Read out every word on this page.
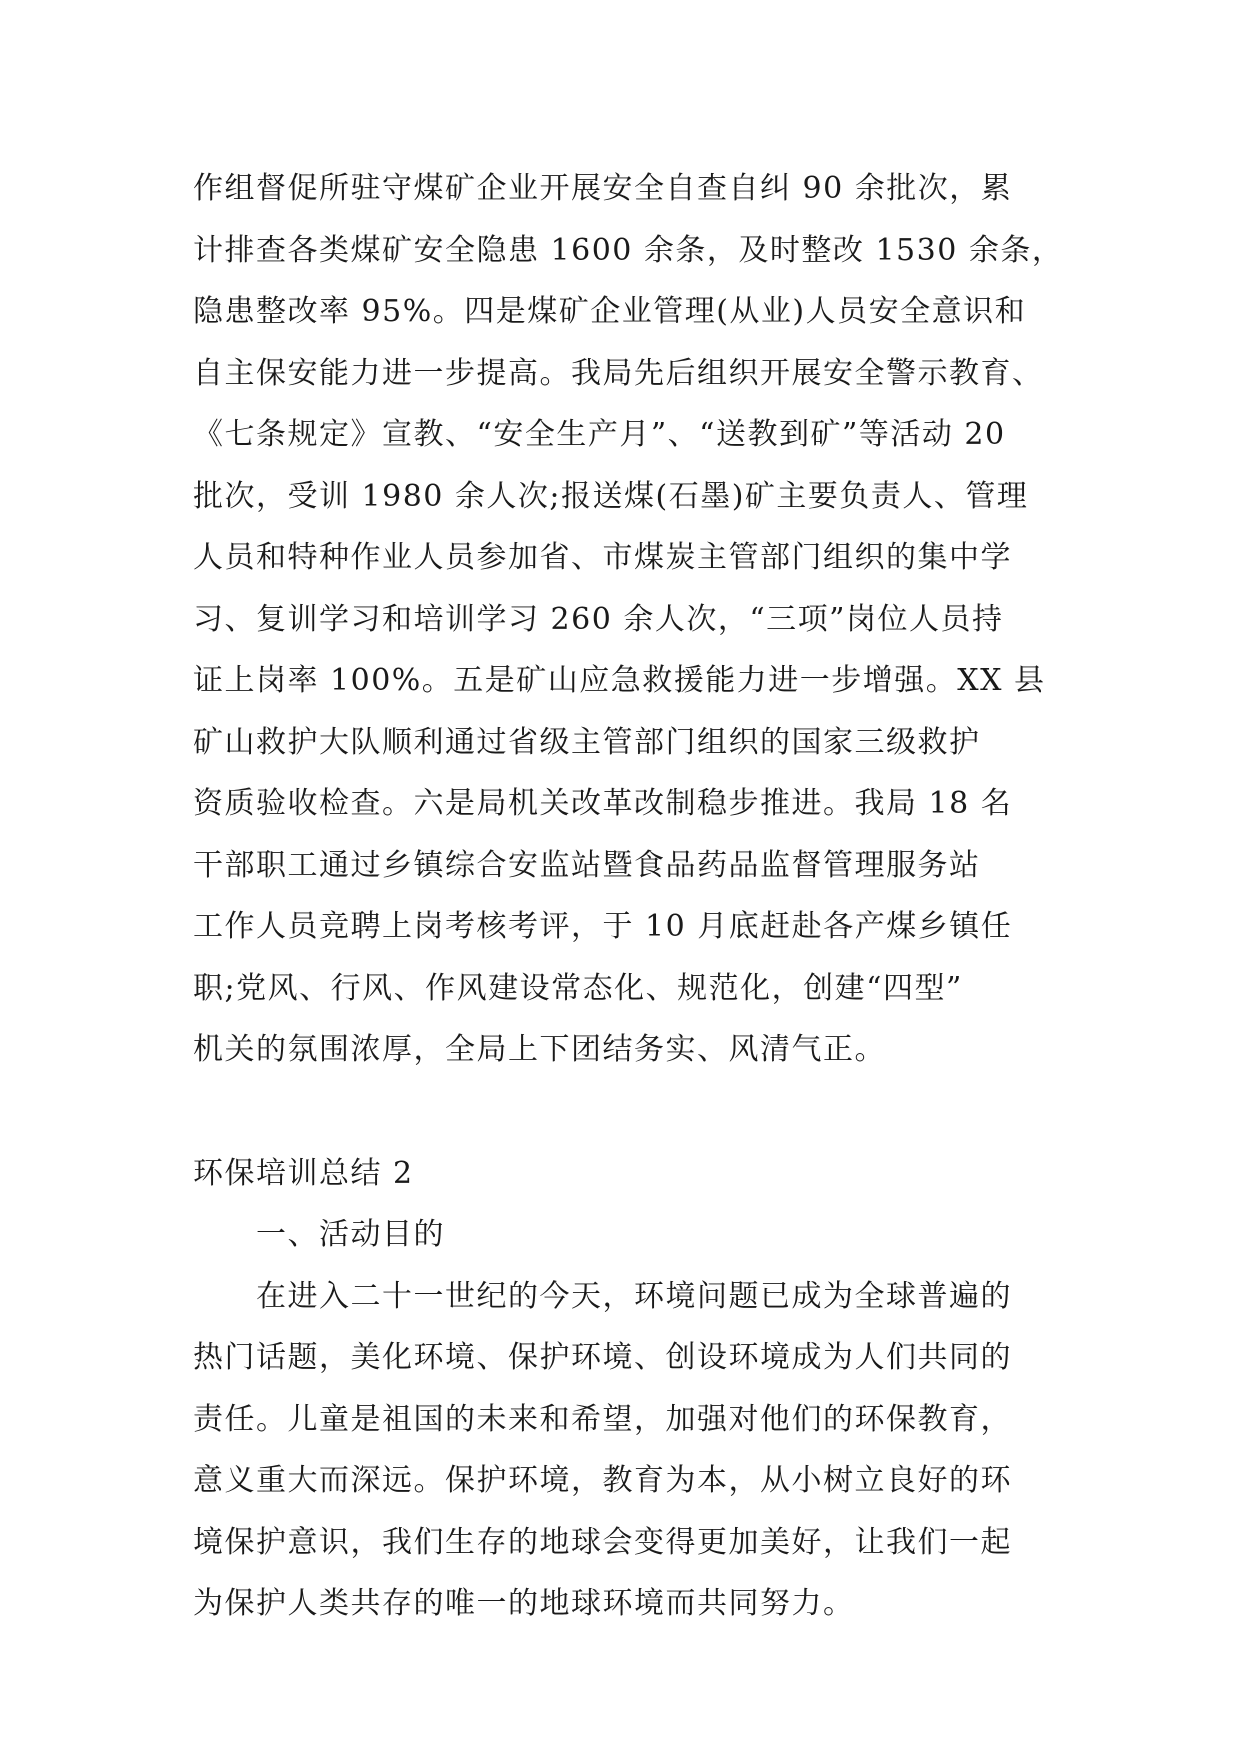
作组督促所驻守煤矿企业开展安全自查自纠 90 余批次，累
计排查各类煤矿安全隐患 1600 余条，及时整改 1530 余条，
隐患整改率 95%。四是煤矿企业管理(从业)人员安全意识和
自主保安能力进一步提高。我局先后组织开展安全警示教育、
《七条规定》宣教、“安全生产月”、“送教到矿”等活动 20
批次，受训 1980 余人次;报送煤(石墨)矿主要负责人、管理
人员和特种作业人员参加省、市煤炭主管部门组织的集中学
习、复训学习和培训学习 260 余人次，“三项”岗位人员持
证上岗率 100%。五是矿山应急救援能力进一步增强。XX 县
矿山救护大队顺利通过省级主管部门组织的国家三级救护
资质验收检查。六是局机关改革改制稳步推进。我局 18 名
干部职工通过乡镇综合安监站暨食品药品监督管理服务站
工作人员竞聘上岗考核考评，于 10 月底赶赴各产煤乡镇任
职;党风、行风、作风建设常态化、规范化，创建“四型”
机关的氛围浓厚，全局上下团结务实、风清气正。
环保培训总结 2
一、活动目的
在进入二十一世纪的今天，环境问题已成为全球普遍的
热门话题，美化环境、保护环境、创设环境成为人们共同的
责任。儿童是祖国的未来和希望，加强对他们的环保教育，
意义重大而深远。保护环境，教育为本，从小树立良好的环
境保护意识，我们生存的地球会变得更加美好，让我们一起
为保护人类共存的唯一的地球环境而共同努力。
